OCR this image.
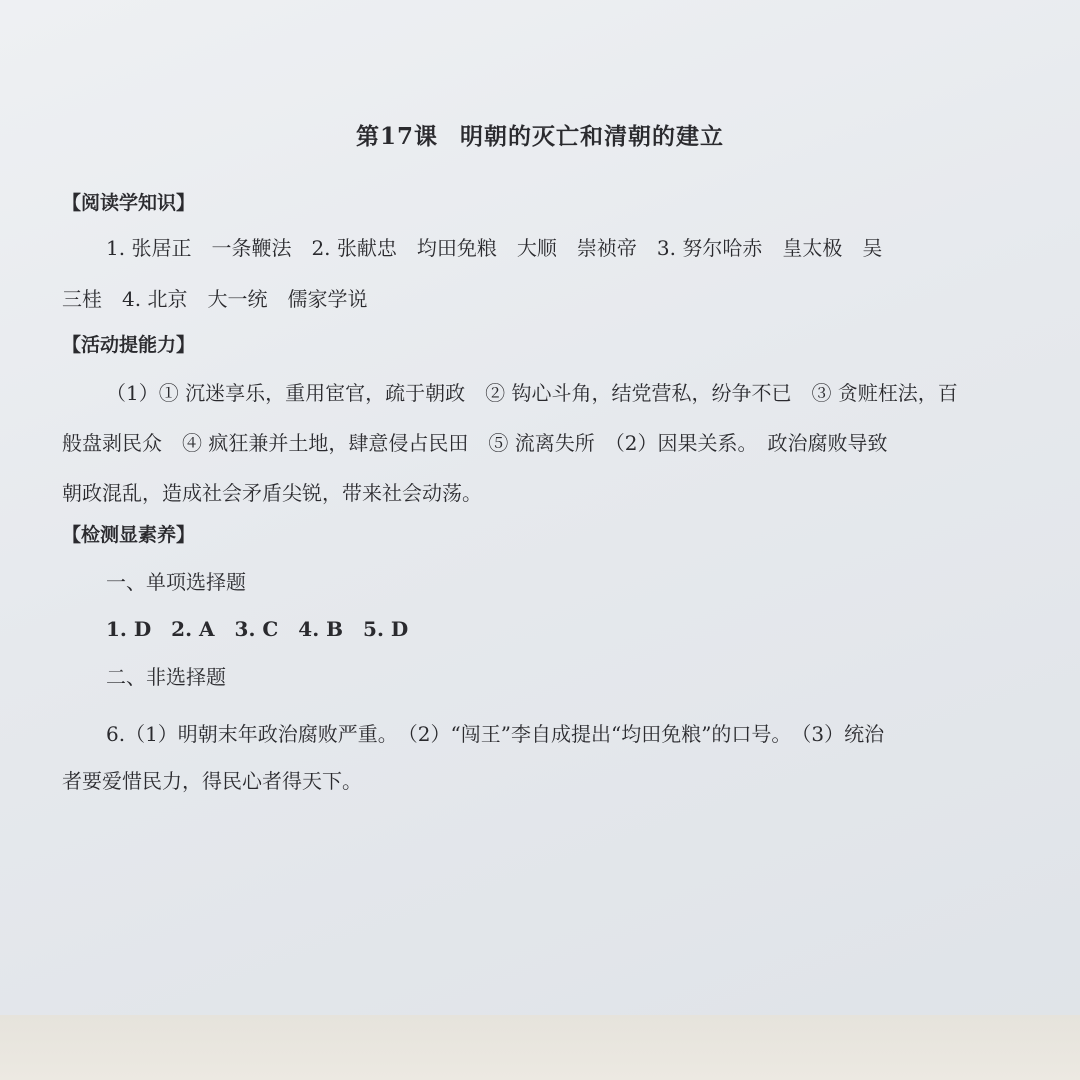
第17课 明朝的灭亡和清朝的建立

【阅读学知识】

1. 张居正　一条鞭法　2. 张献忠　均田免粮　大顺　崇祯帝　3. 努尔哈赤　皇太极　吴

三桂　4. 北京　大一统　儒家学说

【活动提能力】

（1）① 沉迷享乐，重用宦官，疏于朝政　② 钩心斗角，结党营私，纷争不已　③ 贪赃枉法，百

般盘剥民众　④ 疯狂兼并土地，肆意侵占民田　⑤ 流离失所　（2）因果关系。　政治腐败导致

朝政混乱，造成社会矛盾尖锐，带来社会动荡。

【检测显素养】

一、单项选择题

1. D　2. A　3. C　4. B　5. D

二、非选择题

6.（1）明朝末年政治腐败严重。　（2）“闯王”李自成提出“均田免粮”的口号。　（3）统治

者要爱惜民力，得民心者得天下。
